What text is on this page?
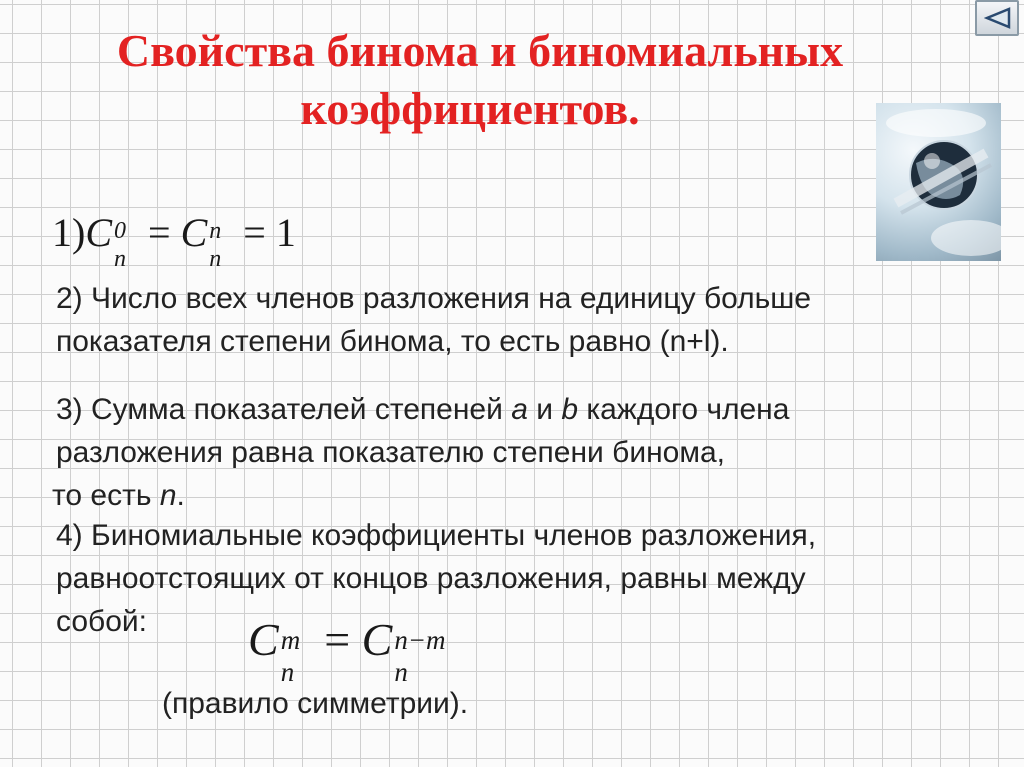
Свойства бинома и биномиальных
коэффициентов.
1)C 0
n
= C n
n
= 1
2) Число всех членов разложения на единицу больше
показателя степени бинома, то есть равно (n+l).
3) Сумма показателей степеней a и b каждого члена
разложения равна показателю степени бинома,
то есть n.
4) Биномиальные коэффициенты членов разложения,
равноотстоящих от концов разложения, равны между
собой:	C m
n
= C n−m
n
(правило симметрии).
